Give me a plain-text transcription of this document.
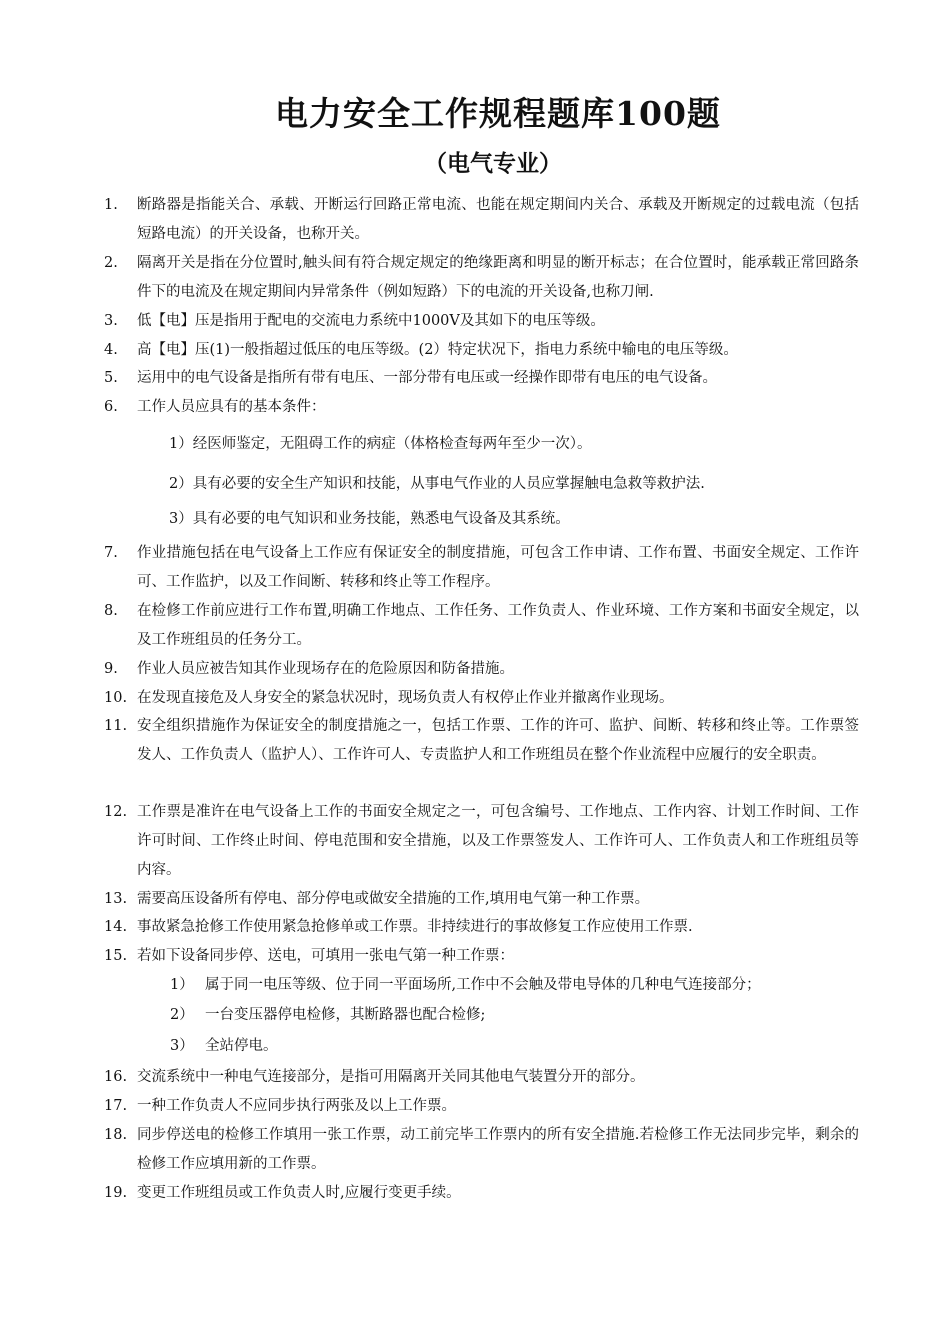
电力安全工作规程题库100题
（电气专业）
1.	断路器是指能关合、承载、开断运行回路正常电流、也能在规定期间内关合、承载及开断规定的过载电流（包括短路电流）的开关设备，也称开关。
2.	隔离开关是指在分位置时,触头间有符合规定规定的绝缘距离和明显的断开标志；在合位置时，能承载正常回路条件下的电流及在规定期间内异常条件（例如短路）下的电流的开关设备,也称刀闸.
3.	低【电】压是指用于配电的交流电力系统中1000V及其如下的电压等级。
4.	高【电】压(1)一般指超过低压的电压等级。(2）特定状况下，指电力系统中输电的电压等级。
5.	运用中的电气设备是指所有带有电压、一部分带有电压或一经操作即带有电压的电气设备。
6.	工作人员应具有的基本条件：
1）经医师鉴定，无阻碍工作的病症（体格检查每两年至少一次）。
2）具有必要的安全生产知识和技能，从事电气作业的人员应掌握触电急救等救护法.
3）具有必要的电气知识和业务技能，熟悉电气设备及其系统。
7.	作业措施包括在电气设备上工作应有保证安全的制度措施，可包含工作申请、工作布置、书面安全规定、工作许可、工作监护，以及工作间断、转移和终止等工作程序。
8.	在检修工作前应进行工作布置,明确工作地点、工作任务、工作负责人、作业环境、工作方案和书面安全规定，以及工作班组员的任务分工。
9.	作业人员应被告知其作业现场存在的危险原因和防备措施。
10. 在发现直接危及人身安全的紧急状况时，现场负责人有权停止作业并撤离作业现场。
11. 安全组织措施作为保证安全的制度措施之一，包括工作票、工作的许可、监护、间断、转移和终止等。工作票签发人、工作负责人（监护人）、工作许可人、专责监护人和工作班组员在整个作业流程中应履行的安全职责。
12. 工作票是准许在电气设备上工作的书面安全规定之一，可包含编号、工作地点、工作内容、计划工作时间、工作许可时间、工作终止时间、停电范围和安全措施，以及工作票签发人、工作许可人、工作负责人和工作班组员等内容。
13. 需要高压设备所有停电、部分停电或做安全措施的工作,填用电气第一种工作票。
14. 事故紧急抢修工作使用紧急抢修单或工作票。非持续进行的事故修复工作应使用工作票.
15. 若如下设备同步停、送电，可填用一张电气第一种工作票：
1） 属于同一电压等级、位于同一平面场所,工作中不会触及带电导体的几种电气连接部分；
2） 一台变压器停电检修，其断路器也配合检修;
3） 全站停电。
16. 交流系统中一种电气连接部分，是指可用隔离开关同其他电气装置分开的部分。
17. 一种工作负责人不应同步执行两张及以上工作票。
18. 同步停送电的检修工作填用一张工作票，动工前完毕工作票内的所有安全措施.若检修工作无法同步完毕，剩余的检修工作应填用新的工作票。
19. 变更工作班组员或工作负责人时,应履行变更手续。
